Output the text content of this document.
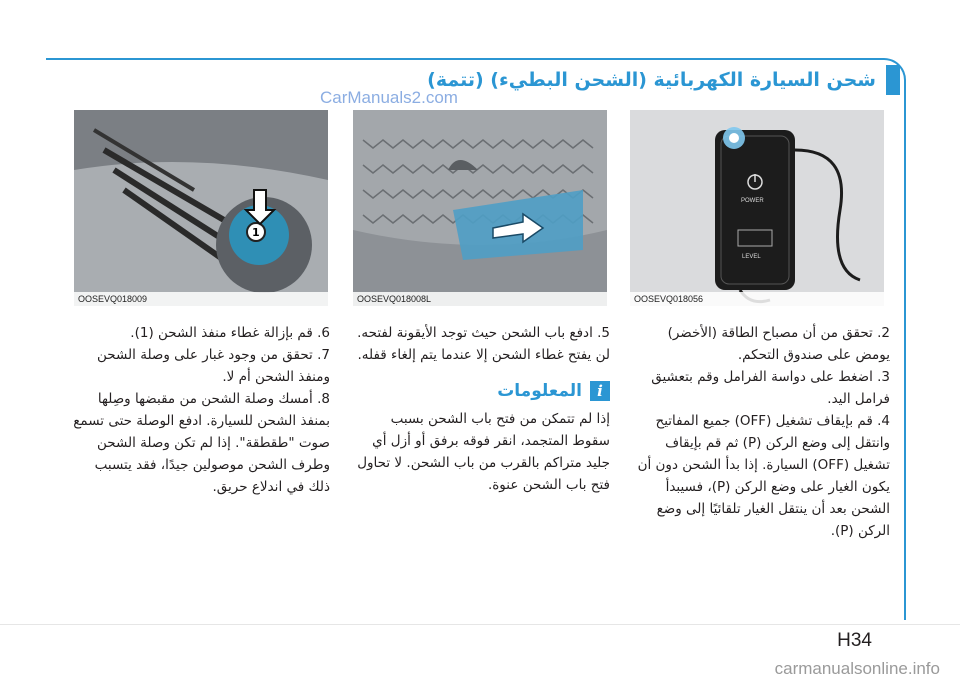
شحن السيارة الكهربائية (الشحن البطيء) (تتمة)
CarManuals2.com
1
OOSEVQ018009	OOSEVQ018008L
POWER
LEVEL
OOSEVQ018056

2. تحقق من أن مصباح الطاقة (الأخضر) يومض على صندوق التحكم.

3. اضغط على دواسة الفرامل وقم بتعشيق فرامل اليد.

4. قم بإيقاف تشغيل (OFF) جميع المفاتيح وانتقل إلى وضع الركن (P) ثم قم بإيقاف تشغيل (OFF) السيارة. إذا بدأ الشحن دون أن يكون الغيار على وضع الركن (P)، فسيبدأ الشحن بعد أن ينتقل الغيار تلقائيًا إلى وضع الركن (P).

5. ادفع باب الشحن حيث توجد الأيقونة لفتحه. لن يفتح غطاء الشحن إلا عندما يتم إلغاء قفله.

i
المعلومات

إذا لم تتمكن من فتح باب الشحن بسبب سقوط المتجمد، انقر فوقه برفق أو أزل أي جليد متراكم بالقرب من باب الشحن. لا تحاول فتح باب الشحن عنوة.

6. قم بإزالة غطاء منفذ الشحن (1).

7. تحقق من وجود غبار على وصلة الشحن ومنفذ الشحن أم لا.

8. أمسك وصلة الشحن من مقبضها وصِلها بمنفذ الشحن للسيارة. ادفع الوصلة حتى تسمع صوت "طقطقة". إذا لم تكن وصلة الشحن وطرف الشحن موصولين جيدًا، فقد يتسبب ذلك في اندلاع حريق.

H34
carmanualsonline.info
